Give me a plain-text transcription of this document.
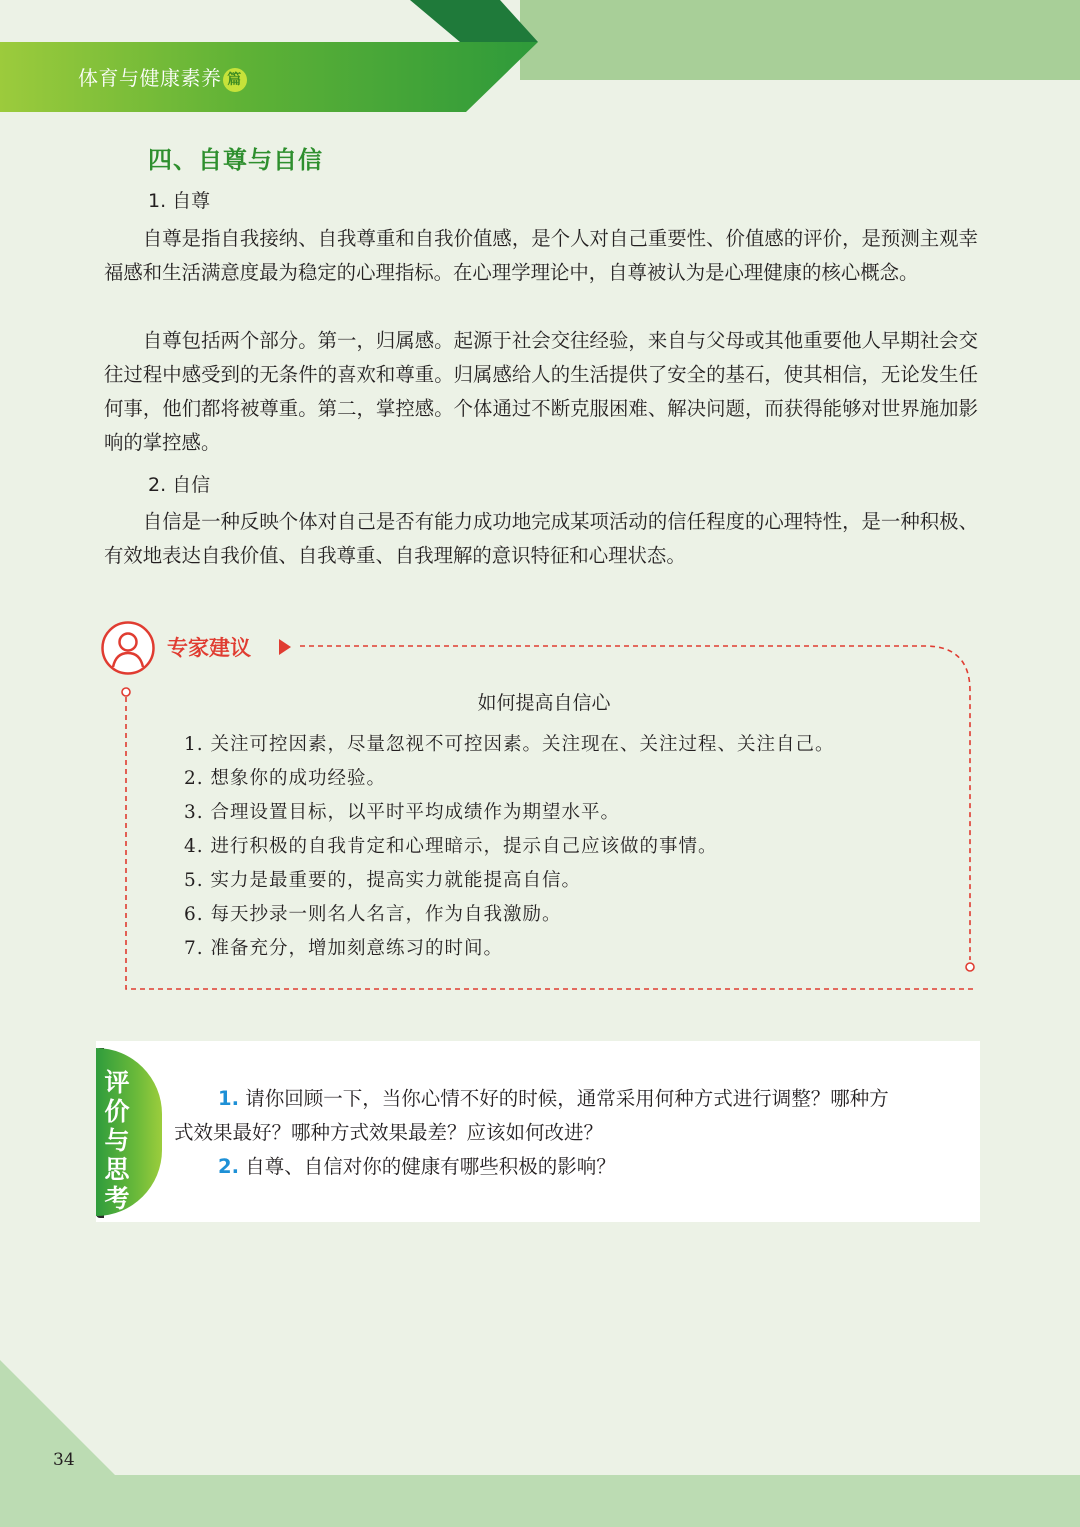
体育与健康素养 篇
四、自尊与自信
1. 自尊

自尊是指自我接纳、自我尊重和自我价值感，是个人对自己重要性、价值感的评价，是预测主观幸福感和生活满意度最为稳定的心理指标。在心理学理论中，自尊被认为是心理健康的核心概念。

自尊包括两个部分。第一，归属感。起源于社会交往经验，来自与父母或其他重要他人早期社会交往过程中感受到的无条件的喜欢和尊重。归属感给人的生活提供了安全的基石，使其相信，无论发生任何事，他们都将被尊重。第二，掌控感。个体通过不断克服困难、解决问题，而获得能够对世界施加影响的掌控感。

2. 自信

自信是一种反映个体对自己是否有能力成功地完成某项活动的信任程度的心理特性，是一种积极、有效地表达自我价值、自我尊重、自我理解的意识特征和心理状态。

专家建议
如何提高自信心
1. 关注可控因素，尽量忽视不可控因素。关注现在、关注过程、关注自己。
2. 想象你的成功经验。
3. 合理设置目标，以平时平均成绩作为期望水平。
4. 进行积极的自我肯定和心理暗示，提示自己应该做的事情。
5. 实力是最重要的，提高实力就能提高自信。
6. 每天抄录一则名人名言，作为自我激励。
7. 准备充分，增加刻意练习的时间。
评价与思考

1. 请你回顾一下，当你心情不好的时候，通常采用何种方式进行调整？哪种方

式效果最好？哪种方式效果最差？应该如何改进？

2. 自尊、自信对你的健康有哪些积极的影响？

34
